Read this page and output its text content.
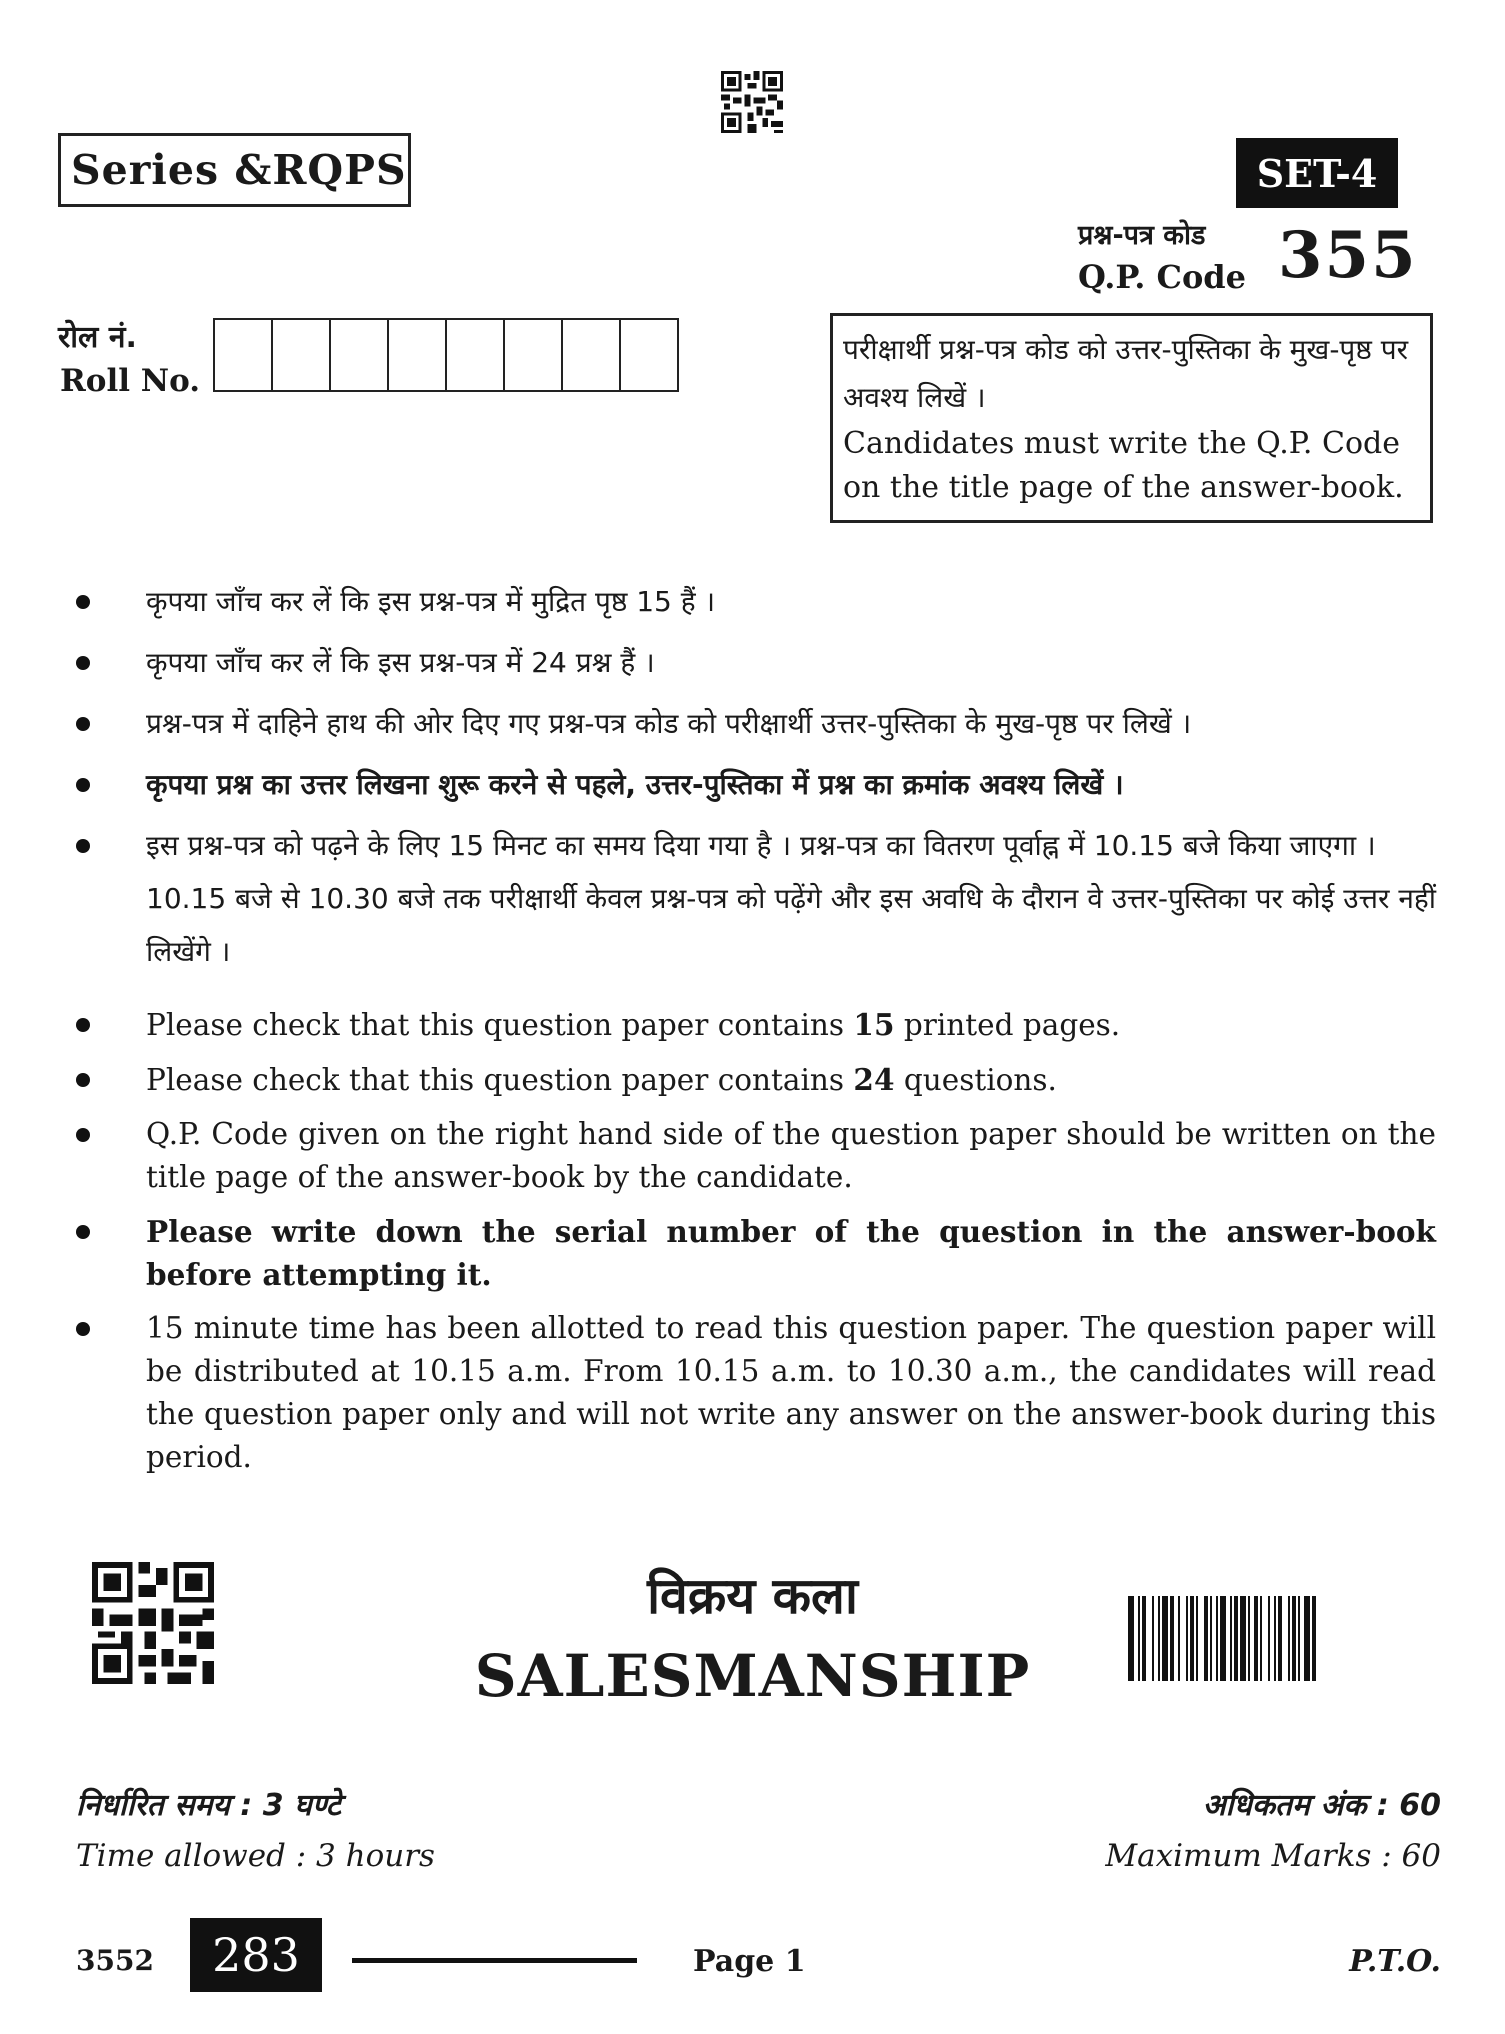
Series &RQPS	SET-4
प्रश्न-पत्र कोड
Q.P. Code 355
रोल नं.
Roll No.
परीक्षार्थी प्रश्न-पत्र कोड को उत्तर-पुस्तिका के मुख-पृष्ठ पर अवश्य लिखें ।
Candidates must write the Q.P. Code on the title page of the answer-book.
कृपया जाँच कर लें कि इस प्रश्न-पत्र में मुद्रित पृष्ठ 15 हैं ।
कृपया जाँच कर लें कि इस प्रश्न-पत्र में 24 प्रश्न हैं ।
प्रश्न-पत्र में दाहिने हाथ की ओर दिए गए प्रश्न-पत्र कोड को परीक्षार्थी उत्तर-पुस्तिका के मुख-पृष्ठ पर लिखें ।
कृपया प्रश्न का उत्तर लिखना शुरू करने से पहले, उत्तर-पुस्तिका में प्रश्न का क्रमांक अवश्य लिखें ।
इस प्रश्न-पत्र को पढ़ने के लिए 15 मिनट का समय दिया गया है । प्रश्न-पत्र का वितरण पूर्वाह्न में 10.15 बजे किया जाएगा । 10.15 बजे से 10.30 बजे तक परीक्षार्थी केवल प्रश्न-पत्र को पढ़ेंगे और इस अवधि के दौरान वे उत्तर-पुस्तिका पर कोई उत्तर नहीं लिखेंगे ।
Please check that this question paper contains 15 printed pages.
Please check that this question paper contains 24 questions.
Q.P. Code given on the right hand side of the question paper should be written on the title page of the answer-book by the candidate.
Please write down the serial number of the question in the answer-book before attempting it.
15 minute time has been allotted to read this question paper. The question paper will be distributed at 10.15 a.m. From 10.15 a.m. to 10.30 a.m., the candidates will read the question paper only and will not write any answer on the answer-book during this period.
विक्रय कला
SALESMANSHIP
निर्धारित समय : 3 घण्टे
Time allowed : 3 hours
अधिकतम अंक : 60
Maximum Marks : 60
3552	283	Page 1	P.T.O.
